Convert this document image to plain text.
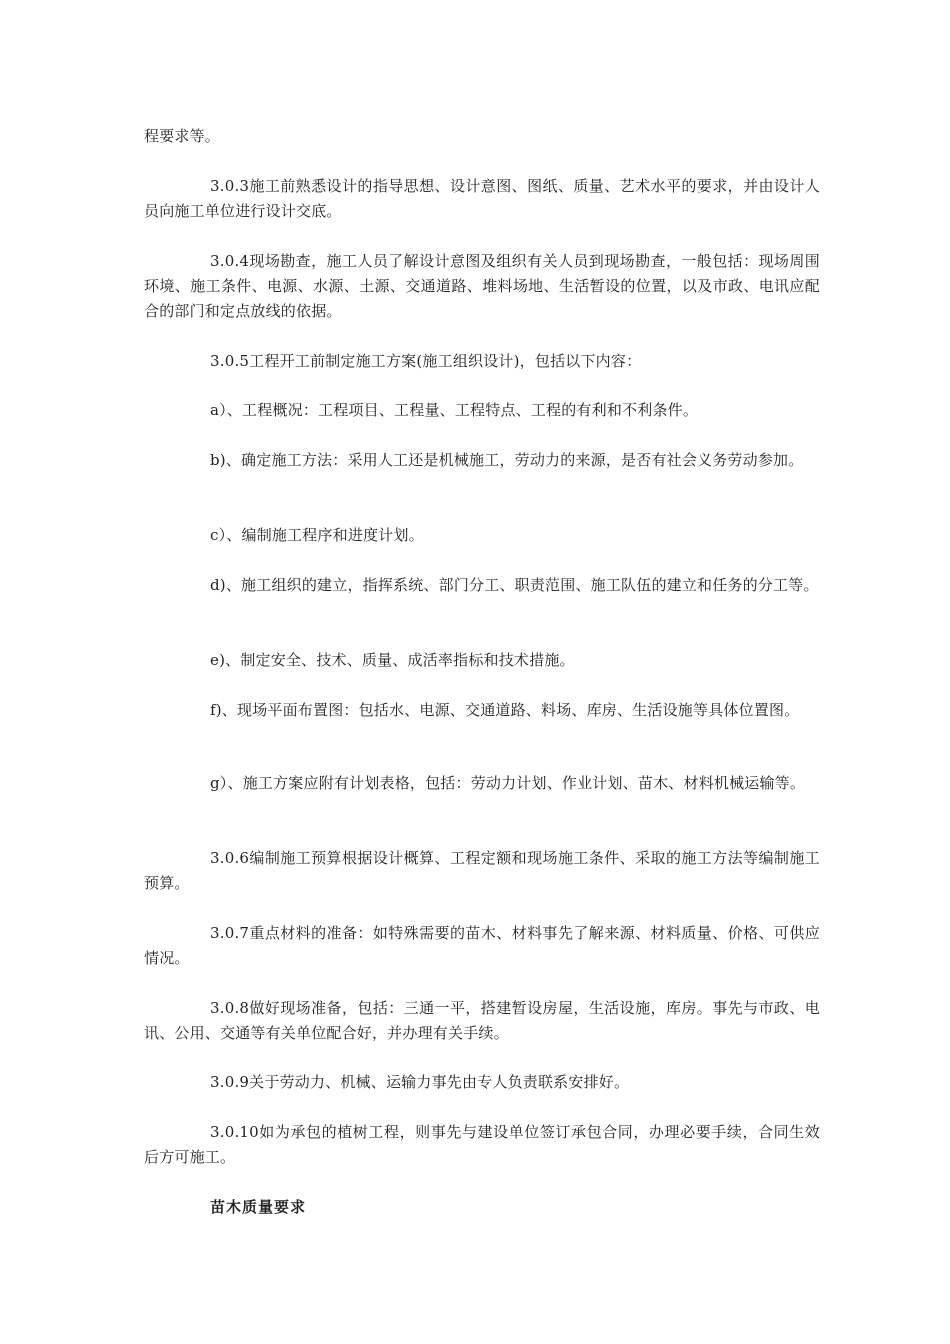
程要求等。

3.0.3施工前熟悉设计的指导思想、设计意图、图纸、质量、艺术水平的要求，并由设计人员向施工单位进行设计交底。

3.0.4现场勘查，施工人员了解设计意图及组织有关人员到现场勘查，一般包括：现场周围环境、施工条件、电源、水源、土源、交通道路、堆料场地、生活暂设的位置，以及市政、电讯应配合的部门和定点放线的依据。

3.0.5工程开工前制定施工方案(施工组织设计)，包括以下内容：

a）、工程概况：工程项目、工程量、工程特点、工程的有利和不利条件。

b)、确定施工方法：采用人工还是机械施工，劳动力的来源，是否有社会义务劳动参加。

c）、编制施工程序和进度计划。

d)、施工组织的建立，指挥系统、部门分工、职责范围、施工队伍的建立和任务的分工等。

e)、制定安全、技术、质量、成活率指标和技术措施。

f)、现场平面布置图：包括水、电源、交通道路、料场、库房、生活设施等具体位置图。

g）、施工方案应附有计划表格，包括：劳动力计划、作业计划、苗木、材料机械运输等。

3.0.6编制施工预算根据设计概算、工程定额和现场施工条件、采取的施工方法等编制施工预算。

3.0.7重点材料的准备：如特殊需要的苗木、材料事先了解来源、材料质量、价格、可供应情况。

3.0.8做好现场准备，包括：三通一平，搭建暂设房屋，生活设施，库房。事先与市政、电讯、公用、交通等有关单位配合好，并办理有关手续。

3.0.9关于劳动力、机械、运输力事先由专人负责联系安排好。

3.0.10如为承包的植树工程，则事先与建设单位签订承包合同，办理必要手续，合同生效后方可施工。

苗木质量要求
